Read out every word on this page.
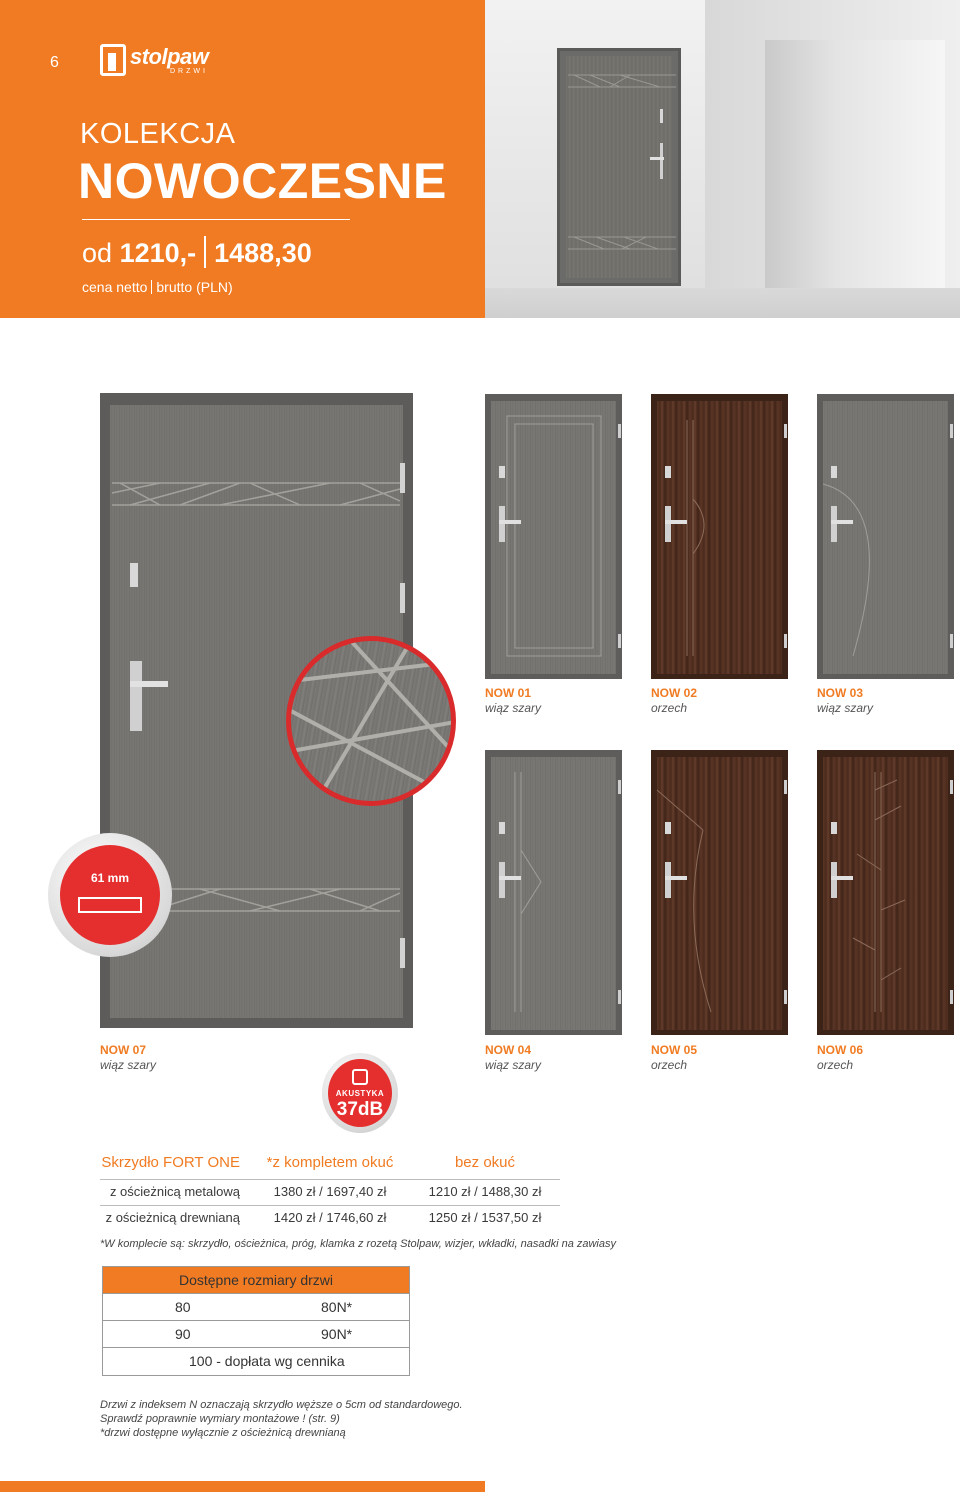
6	stolpaw
DRZWI
KOLEKCJA
NOWOCZESNE
od 1210,- 1488,30
cena netto brutto (PLN)
61 mm
AKUSTYKA
37dB
NOW 07
wiąz szary
NOW 01
wiąz szary
NOW 02
orzech
NOW 03
wiąz szary
NOW 04
wiąz szary
NOW 05
orzech
NOW 06
orzech
Skrzydło FORT ONE	*z kompletem okuć	bez okuć
z ościeżnicą metalową	1380 zł / 1697,40 zł	1210 zł / 1488,30 zł
z ościeżnicą drewnianą	1420 zł / 1746,60 zł	1250 zł / 1537,50 zł
*W komplecie są: skrzydło, ościeżnica, próg, klamka z rozetą Stolpaw, wizjer, wkładki, nasadki na zawiasy
Dostępne rozmiary drzwi
80	80N*
90	90N*
100 - dopłata wg cennika
Drzwi z indeksem N oznaczają skrzydło węższe o 5cm od standardowego.
Sprawdź poprawnie wymiary montażowe ! (str. 9)
*drzwi dostępne wyłącznie z ościeżnicą drewnianą
